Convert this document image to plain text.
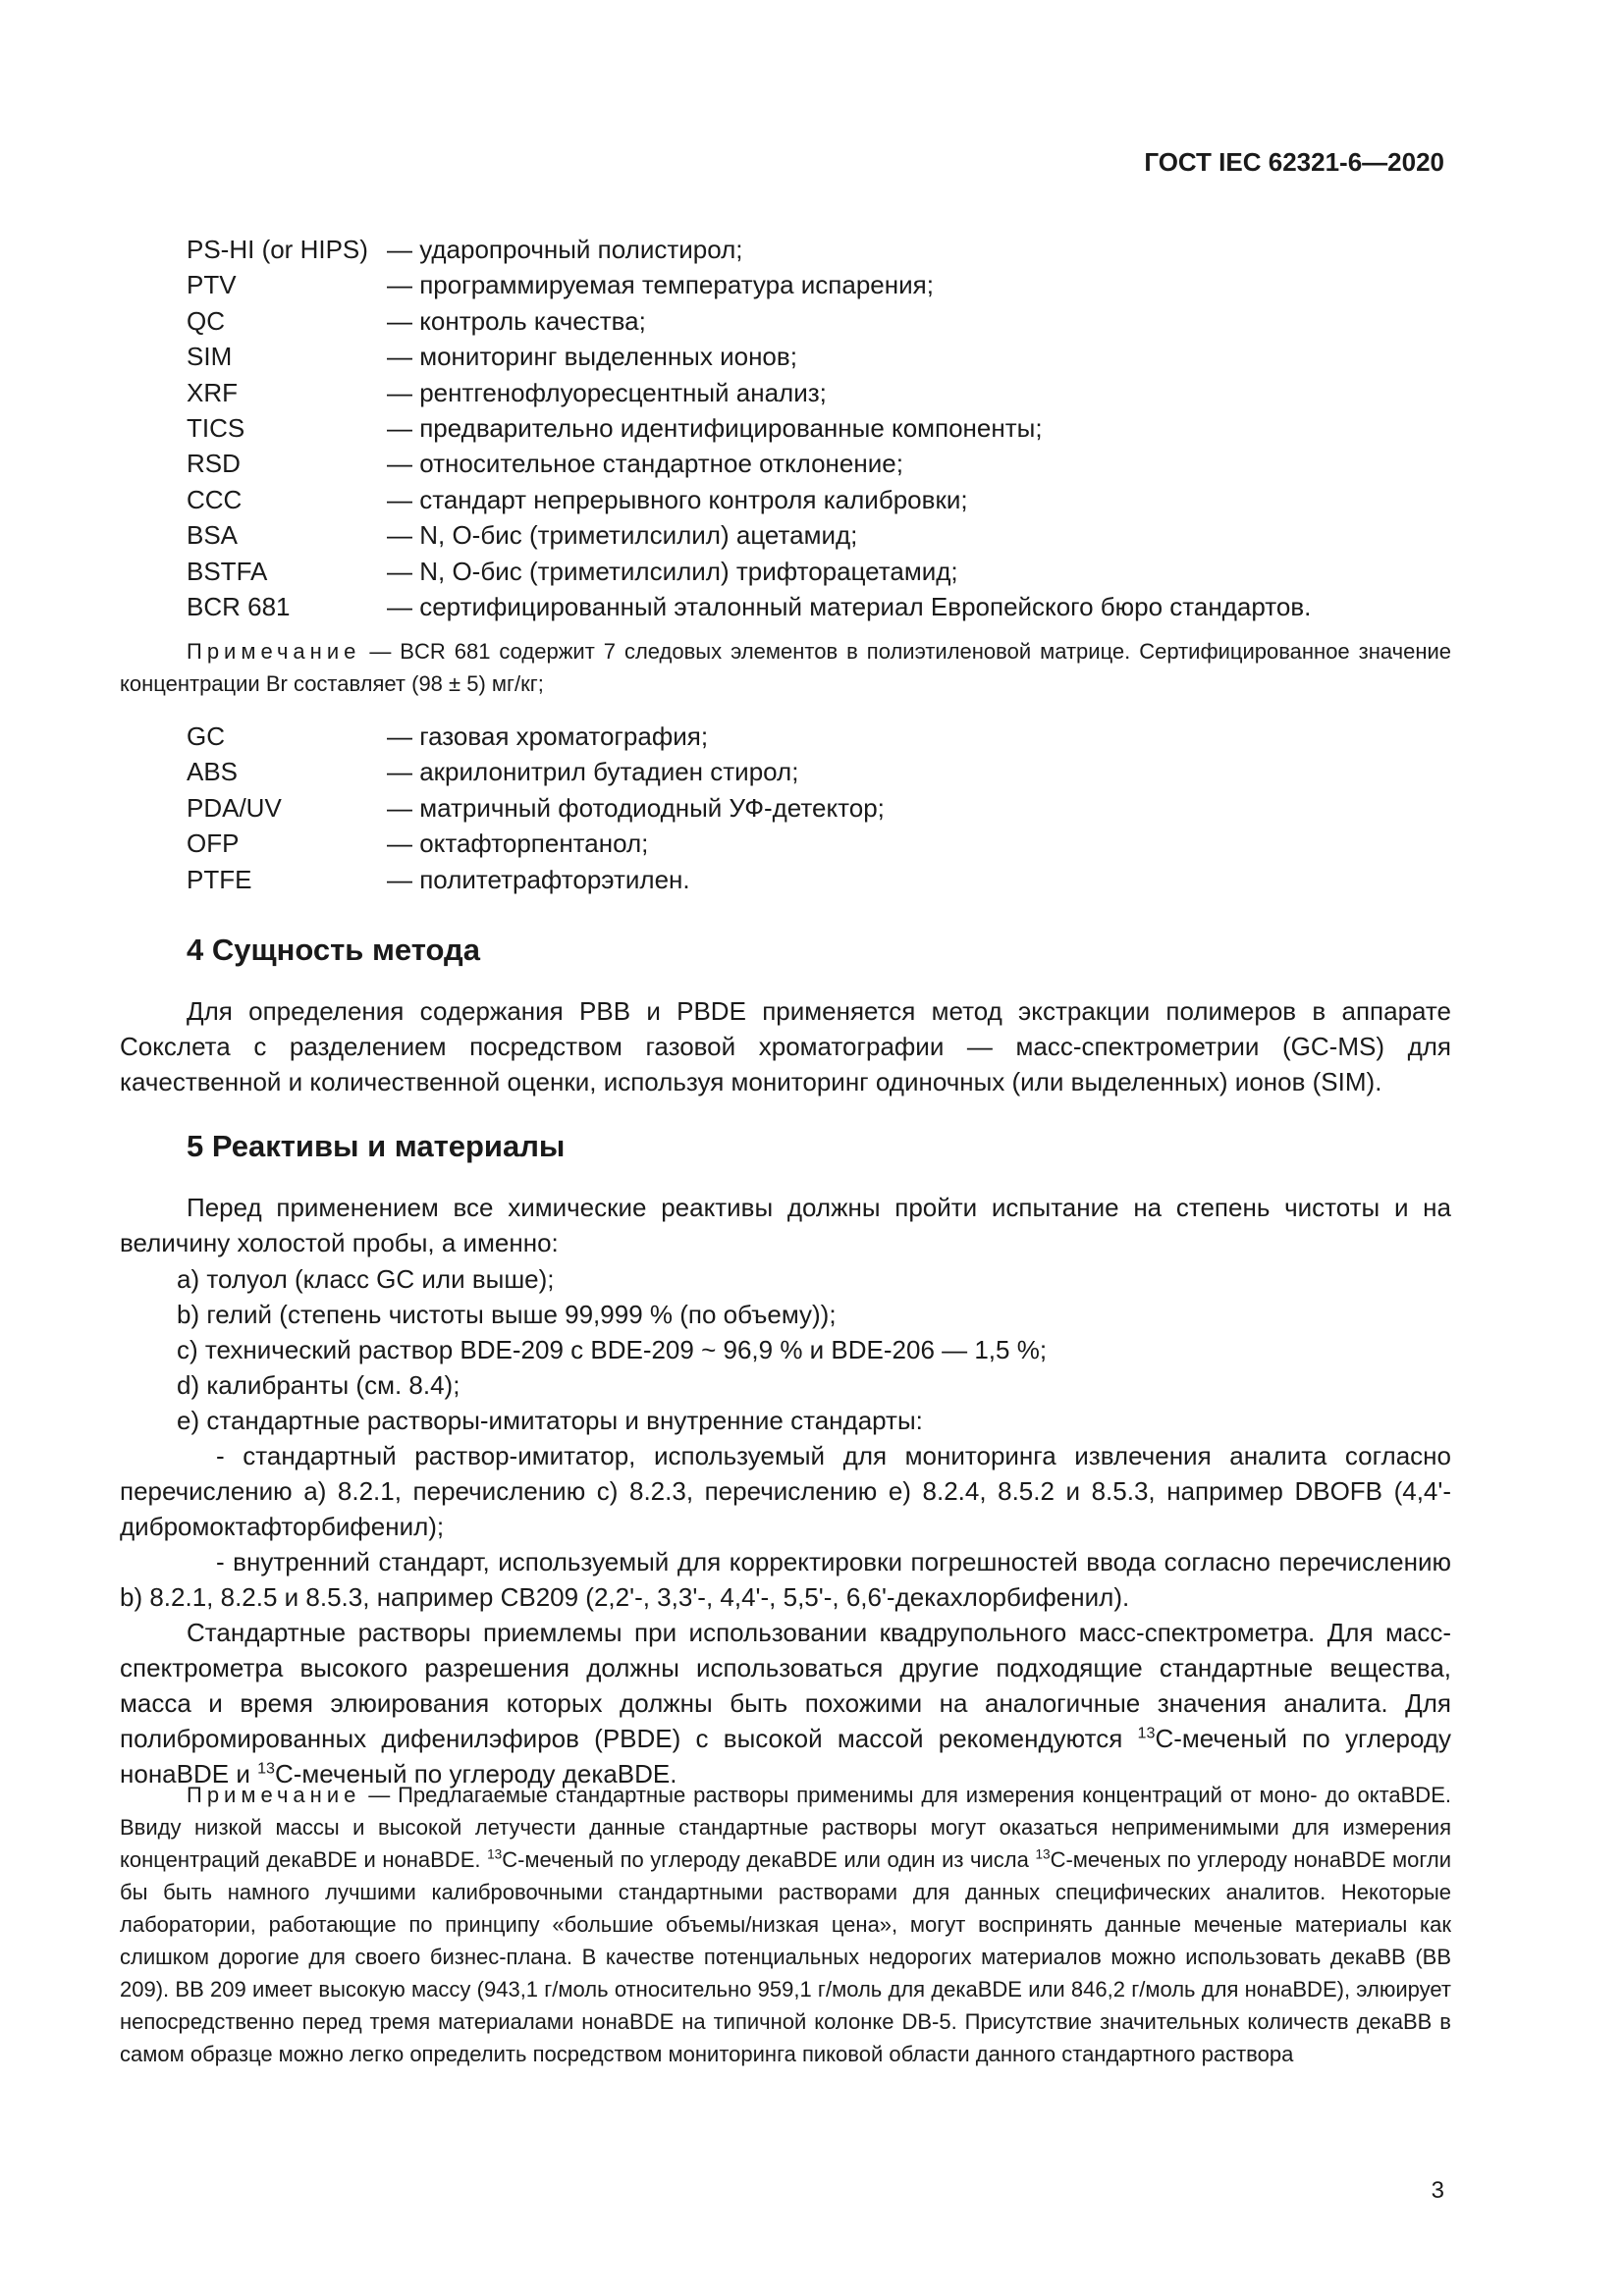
ГОСТ IEC 62321-6—2020
PS-HI (or HIPS) — ударопрочный полистирол;
PTV	— программируемая температура испарения;
QC	— контроль качества;
SIM	— мониторинг выделенных ионов;
XRF	— рентгенофлуоресцентный анализ;
TICS	— предварительно идентифицированные компоненты;
RSD	— относительное стандартное отклонение;
CCC	— стандарт непрерывного контроля калибровки;
BSA	— N, O-бис (триметилсилил) ацетамид;
BSTFA	— N, O-бис (триметилсилил) трифторацетамид;
BCR 681	— сертифицированный эталонный материал Европейского бюро стандартов.
Примечание — BCR 681 содержит 7 следовых элементов в полиэтиленовой матрице. Сертифицированное значение концентрации Br составляет (98 ± 5) мг/кг;
GC	— газовая хроматография;
ABS	— акрилонитрил бутадиен стирол;
PDA/UV	— матричный фотодиодный УФ-детектор;
OFP	— октафторпентанол;
PTFE	— политетрафторэтилен.
4 Сущность метода
Для определения содержания PBB и PBDE применяется метод экстракции полимеров в аппарате Сокслета с разделением посредством газовой хроматографии — масс-спектрометрии (GC-MS) для качественной и количественной оценки, используя мониторинг одиночных (или выделенных) ионов (SIM).
5 Реактивы и материалы
Перед применением все химические реактивы должны пройти испытание на степень чистоты и на величину холостой пробы, а именно:
a) толуол (класс GC или выше);
b) гелий (степень чистоты выше 99,999 % (по объему));
c) технический раствор BDE-209 с BDE-209 ~ 96,9 % и BDE-206 — 1,5 %;
d) калибранты (см. 8.4);
e) стандартные растворы-имитаторы и внутренние стандарты:
- стандартный раствор-имитатор, используемый для мониторинга извлечения аналита согласно перечислению a) 8.2.1, перечислению c) 8.2.3, перечислению e) 8.2.4, 8.5.2 и 8.5.3, например DBOFB (4,4'-дибромоктафторбифенил);
- внутренний стандарт, используемый для корректировки погрешностей ввода согласно перечислению b) 8.2.1, 8.2.5 и 8.5.3, например CB209 (2,2'-, 3,3'-, 4,4'-, 5,5'-, 6,6'-декахлорбифенил).
Стандартные растворы приемлемы при использовании квадрупольного масс-спектрометра. Для масс-спектрометра высокого разрешения должны использоваться другие подходящие стандартные вещества, масса и время элюирования которых должны быть похожими на аналогичные значения аналита. Для полибромированных дифенилэфиров (PBDE) с высокой массой рекомендуются $^{13}$C-меченый по углероду нонаBDE и $^{13}$C-меченый по углероду декаBDE.
Примечание — Предлагаемые стандартные растворы применимы для измерения концентраций от моно- до октаBDE. Ввиду низкой массы и высокой летучести данные стандартные растворы могут оказаться неприменимыми для измерения концентраций декаBDE и нонаBDE. $^{13}$C-меченый по углероду декаBDE или один из числа $^{13}$C-меченых по углероду нонаBDE могли бы быть намного лучшими калибровочными стандартными растворами для данных специфических аналитов. Некоторые лаборатории, работающие по принципу «большие объемы/низкая цена», могут воспринять данные меченые материалы как слишком дорогие для своего бизнес-плана. В качестве потенциальных недорогих материалов можно использовать декаBB (BB 209). BB 209 имеет высокую массу (943,1 г/моль относительно 959,1 г/моль для декаBDE или 846,2 г/моль для нонаBDE), элюирует непосредственно перед тремя материалами нонаBDE на типичной колонке DB-5. Присутствие значительных количеств декаBB в самом образце можно легко определить посредством мониторинга пиковой области данного стандартного раствора
3
